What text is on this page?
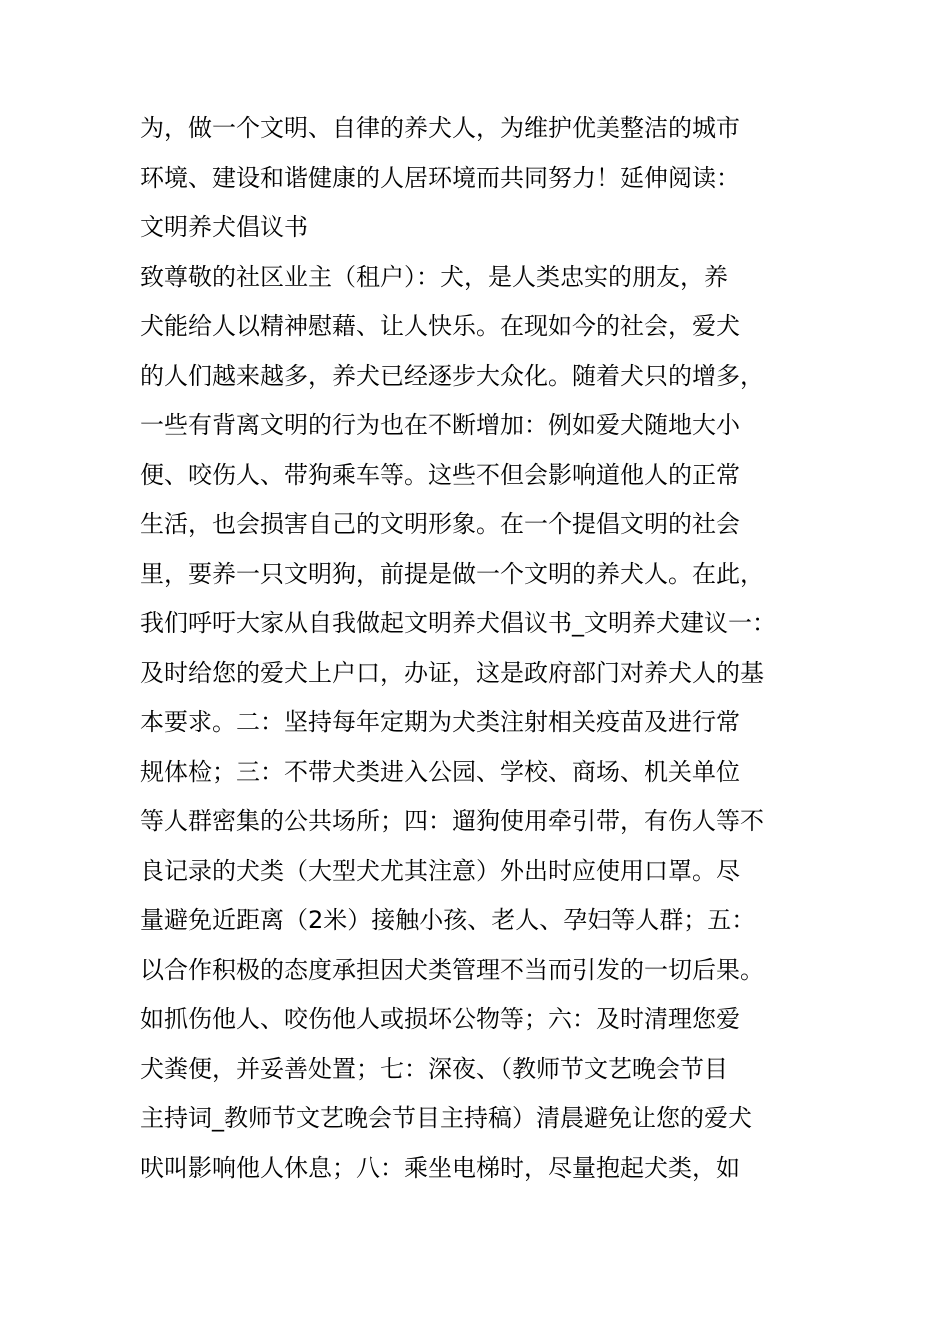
为，做一个文明、自律的养犬人，为维护优美整洁的城市
环境、建设和谐健康的人居环境而共同努力！延伸阅读：
文明养犬倡议书
致尊敬的社区业主（租户）：犬，是人类忠实的朋友，养
犬能给人以精神慰藉、让人快乐。在现如今的社会，爱犬
的人们越来越多，养犬已经逐步大众化。随着犬只的增多，
一些有背离文明的行为也在不断增加：例如爱犬随地大小
便、咬伤人、带狗乘车等。这些不但会影响道他人的正常
生活，也会损害自己的文明形象。在一个提倡文明的社会
里，要养一只文明狗，前提是做一个文明的养犬人。在此，
我们呼吁大家从自我做起文明养犬倡议书_文明养犬建议一：
及时给您的爱犬上户口，办证，这是政府部门对养犬人的基
本要求。二：坚持每年定期为犬类注射相关疫苗及进行常
规体检；三：不带犬类进入公园、学校、商场、机关单位
等人群密集的公共场所；四：遛狗使用牵引带，有伤人等不
良记录的犬类（大型犬尤其注意）外出时应使用口罩。尽
量避免近距离（2米）接触小孩、老人、孕妇等人群；五：
以合作积极的态度承担因犬类管理不当而引发的一切后果。
如抓伤他人、咬伤他人或损坏公物等；六：及时清理您爱
犬粪便，并妥善处置；七：深夜、（教师节文艺晚会节目
主持词_教师节文艺晚会节目主持稿）清晨避免让您的爱犬
吠叫影响他人休息；八：乘坐电梯时，尽量抱起犬类，如
